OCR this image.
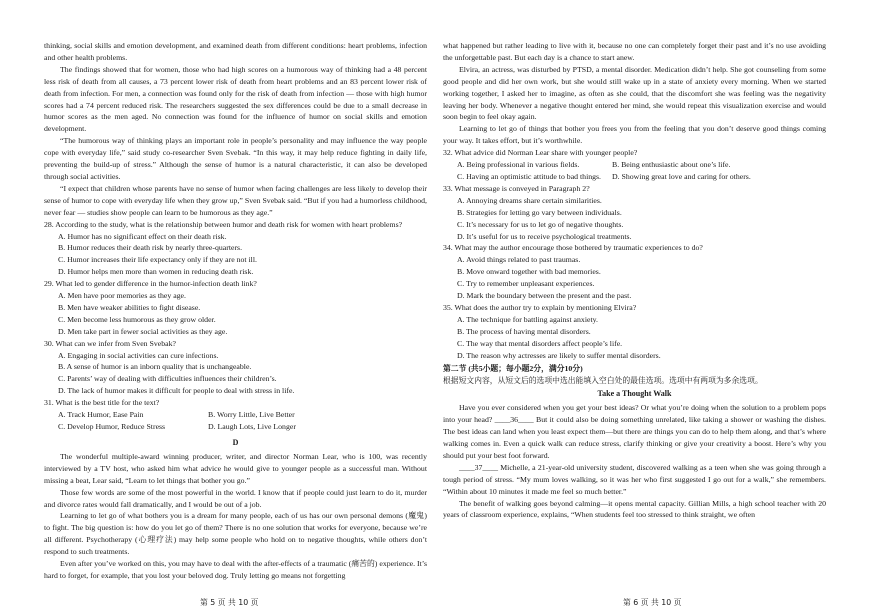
thinking, social skills and emotion development, and examined death from different conditions: heart problems, infection and other health problems.

The findings showed that for women, those who had high scores on a humorous way of thinking had a 48 percent less risk of death from all causes, a 73 percent lower risk of death from heart problems and an 83 percent lower risk of death from infection. For men, a connection was found only for the risk of death from infection — those with high humor scores had a 74 percent reduced risk. The researchers suggested the sex differences could be due to a small decrease in humor scores as the men aged. No connection was found for the influence of humor on social skills and emotion development.

“The humorous way of thinking plays an important role in people’s personality and may influence the way people cope with everyday life,” said study co-researcher Sven Svebak. “In this way, it may help reduce fighting in daily life, preventing the build-up of stress.” Although the sense of humor is a natural characteristic, it can also be developed through social activities.

“I expect that children whose parents have no sense of humor when facing challenges are less likely to develop their sense of humor to cope with everyday life when they grow up,” Sven Svebak said. “But if you had a humorless childhood, never fear — studies show people can learn to be humorous as they age.”

28. According to the study, what is the relationship between humor and death risk for women with heart problems?

A. Humor has no significant effect on their death risk.

B. Humor reduces their death risk by nearly three-quarters.

C. Humor increases their life expectancy only if they are not ill.

D. Humor helps men more than women in reducing death risk.

29. What led to gender difference in the humor-infection death link?

A. Men have poor memories as they age.

B. Men have weaker abilities to fight disease.

C. Men become less humorous as they grow older.

D. Men take part in fewer social activities as they age.

30. What can we infer from Sven Svebak?

A. Engaging in social activities can cure infections.

B. A sense of humor is an inborn quality that is unchangeable.

C. Parents’ way of dealing with difficulties influences their children’s.

D. The lack of humor makes it difficult for people to deal with stress in life.

31. What is the best title for the text?

A. Track Humor, Ease Pain	B. Worry Little, Live Better
C. Develop Humor, Reduce Stress	D. Laugh Lots, Live Longer

D

The wonderful multiple-award winning producer, writer, and director Norman Lear, who is 100, was recently interviewed by a TV host, who asked him what advice he would give to younger people as a successful man. Without missing a beat, Lear said, “Learn to let things that bother you go.”

Those few words are some of the most powerful in the world. I know that if people could just learn to do it, murder and divorce rates would fall dramatically, and I would be out of a job.

Learning to let go of what bothers you is a dream for many people, each of us has our own personal demons (魔鬼) to fight. The big question is: how do you let go of them? There is no one solution that works for everyone, because we’re all different. Psychotherapy (心理疗法) may help some people who hold on to negative thoughts, while others don’t respond to such treatments.

Even after you’ve worked on this, you may have to deal with the after-effects of a traumatic (痛苦的) experience. It’s hard to forget, for example, that you lost your beloved dog. Truly letting go means not forgetting

第 5 页 共 10 页

what happened but rather leading to live with it, because no one can completely forget their past and it’s no use avoiding the unforgettable past. But each day is a chance to start anew.

Elvira, an actress, was disturbed by PTSD, a mental disorder. Medication didn’t help. She got counseling from some good people and did her own work, but she would still wake up in a state of anxiety every morning. When we started working together, I asked her to imagine, as often as she could, that the discomfort she was feeling was the negativity leaving her body. Whenever a negative thought entered her mind, she would repeat this visualization exercise and would soon begin to feel okay again.

Learning to let go of things that bother you frees you from the feeling that you don’t deserve good things coming your way. It takes effort, but it’s worthwhile.

32. What advice did Norman Lear share with younger people?

A. Being professional in various fields.	B. Being enthusiastic about one’s life.
C. Having an optimistic attitude to bad things.	D. Showing great love and caring for others.

33. What message is conveyed in Paragraph 2?

A. Annoying dreams share certain similarities.

B. Strategies for letting go vary between individuals.

C. It’s necessary for us to let go of negative thoughts.

D. It’s useful for us to receive psychological treatments.

34. What may the author encourage those bothered by traumatic experiences to do?

A. Avoid things related to past traumas.

B. Move onward together with bad memories.

C. Try to remember unpleasant experiences.

D. Mark the boundary between the present and the past.

35. What does the author try to explain by mentioning Elvira?

A. The technique for battling against anxiety.

B. The process of having mental disorders.

C. The way that mental disorders affect people’s life.

D. The reason why actresses are likely to suffer mental disorders.

第二节 (共5小题；每小题2分，满分10分)

根据短文内容，从短文后的选项中选出能填入空白处的最佳选项。选项中有两项为多余选项。

Take a Thought Walk

Have you ever considered when you get your best ideas? Or what you’re doing when the solution to a problem pops into your head? ____36____ But it could also be doing something unrelated, like taking a shower or washing the dishes. The best ideas can land when you least expect them—but there are things you can do to help them along, and that’s where walking comes in. Even a quick walk can reduce stress, clarify thinking or give your creativity a boost. Here’s why you should put your best foot forward.

____37____ Michelle, a 21-year-old university student, discovered walking as a teen when she was going through a tough period of stress. “My mum loves walking, so it was her who first suggested I go out for a walk,” she remembers. “Within about 10 minutes it made me feel so much better.”

The benefit of walking goes beyond calming—it opens mental capacity. Gillian Mills, a high school teacher with 20 years of classroom experience, explains, “When students feel too stressed to think straight, we often

第 6 页 共 10 页
